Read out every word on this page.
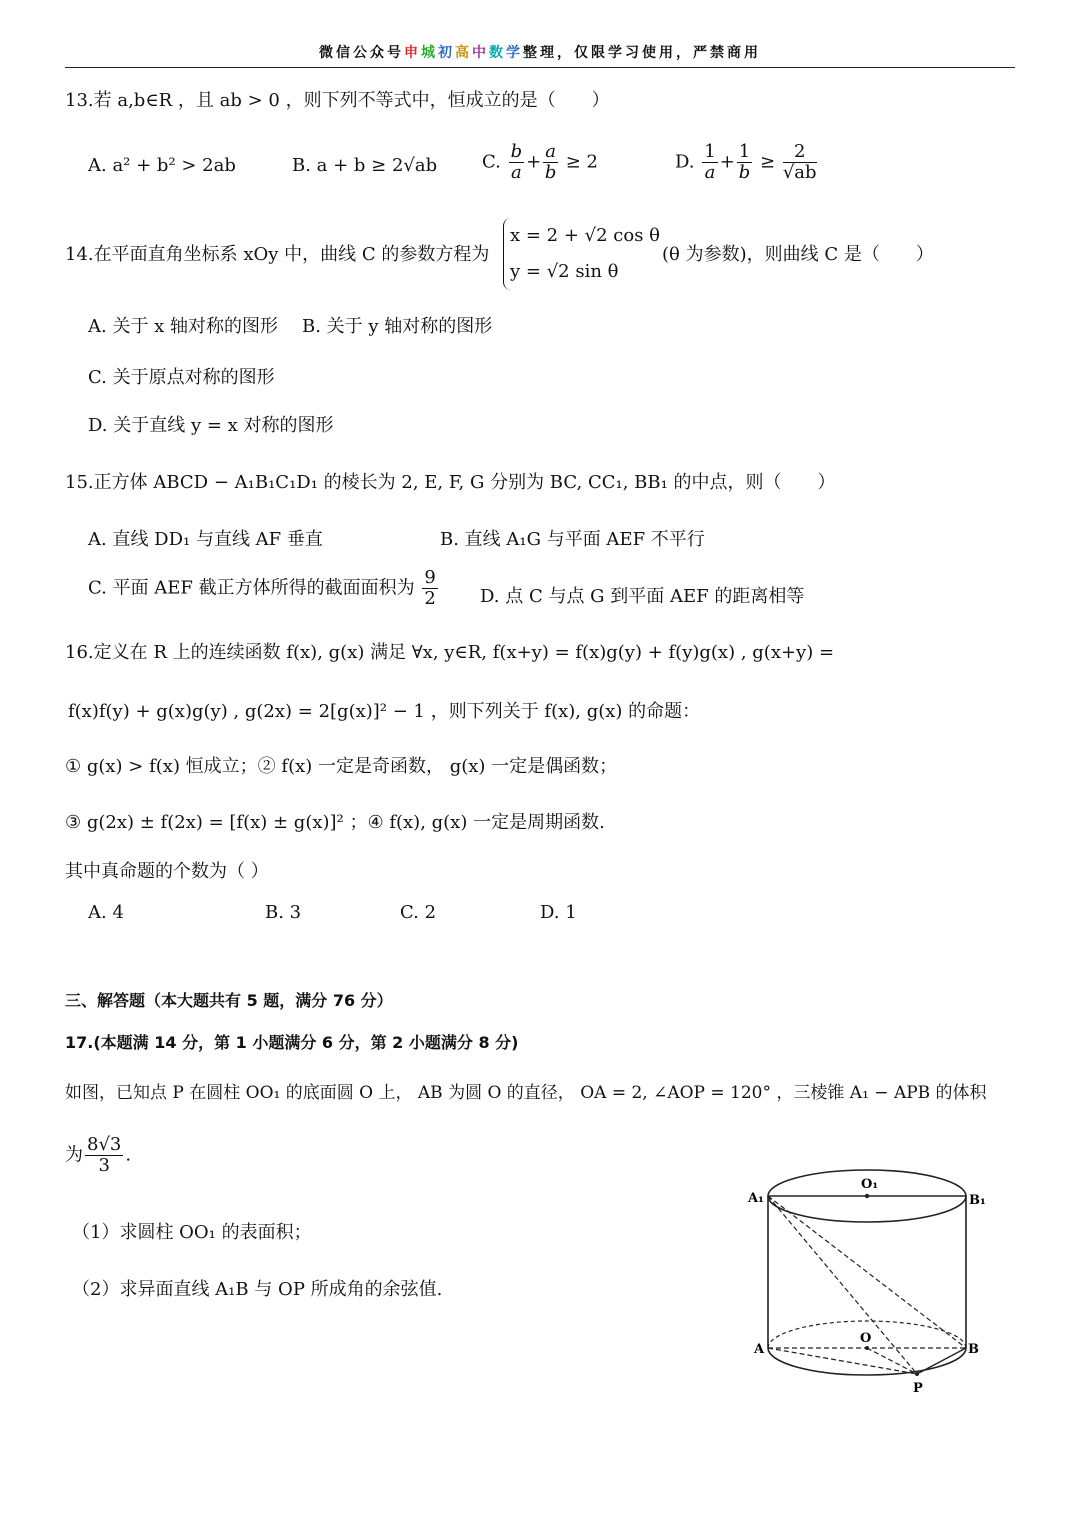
微信公众号申城初高中数学整理，仅限学习使用，严禁商用
13.若 a,b∈R ，且 ab > 0 ，则下列不等式中，恒成立的是（　　）
A. a² + b² > 2ab	B. a + b ≥ 2√ab C. $\frac{b}{a} + \frac{a}{b} \ge 2$	D. $\frac{1}{a} + \frac{1}{b} \ge \frac{2}{√ab}$
14.在平面直角坐标系 xOy 中，曲线 C 的参数方程为
x = 2 + √2 cos θ
y = √2 sin θ
(θ 为参数)，则曲线 C 是（　　）
A. 关于 x 轴对称的图形 B. 关于 y 轴对称的图形
C. 关于原点对称的图形
D. 关于直线 y = x 对称的图形
15.正方体 ABCD − A₁B₁C₁D₁ 的棱长为 2, E, F, G 分别为 BC, CC₁, BB₁ 的中点，则（　　）
A. 直线 DD₁ 与直线 AF 垂直	B. 直线 A₁G 与平面 AEF 不平行
C. 平面 AEF 截正方体所得的截面面积为 $\frac{9}{2} D$. 点 C 与点 G 到平面 AEF 的距离相等
16.定义在 R 上的连续函数 f(x), g(x) 满足 ∀x, y∈R, f(x+y) = f(x)g(y) + f(y)g(x) , g(x+y) =
f(x)f(y) + g(x)g(y) , g(2x) = 2[g(x)]² − 1 ，则下列关于 f(x), g(x) 的命题：
① g(x) > f(x) 恒成立；② f(x) 一定是奇函数， g(x) 一定是偶函数；
③ g(2x) ± f(2x) = [f(x) ± g(x)]² ；④ f(x), g(x) 一定是周期函数.
其中真命题的个数为（ ）
A. 4	B. 3	C. 2	D. 1
三、解答题（本大题共有 5 题，满分 76 分）
17.(本题满 14 分，第 1 小题满分 6 分，第 2 小题满分 8 分)
如图，已知点 P 在圆柱 OO₁ 的底面圆 O 上， AB 为圆 O 的直径， OA = 2, ∠AOP = 120° ，三棱锥 A₁ − APB 的体积
为 $\frac{8√3}{3}$ .
（1）求圆柱 OO₁ 的表面积；
（2）求异面直线 A₁B 与 OP 所成角的余弦值.
A₁
O₁
B₁
A
O
B
P
